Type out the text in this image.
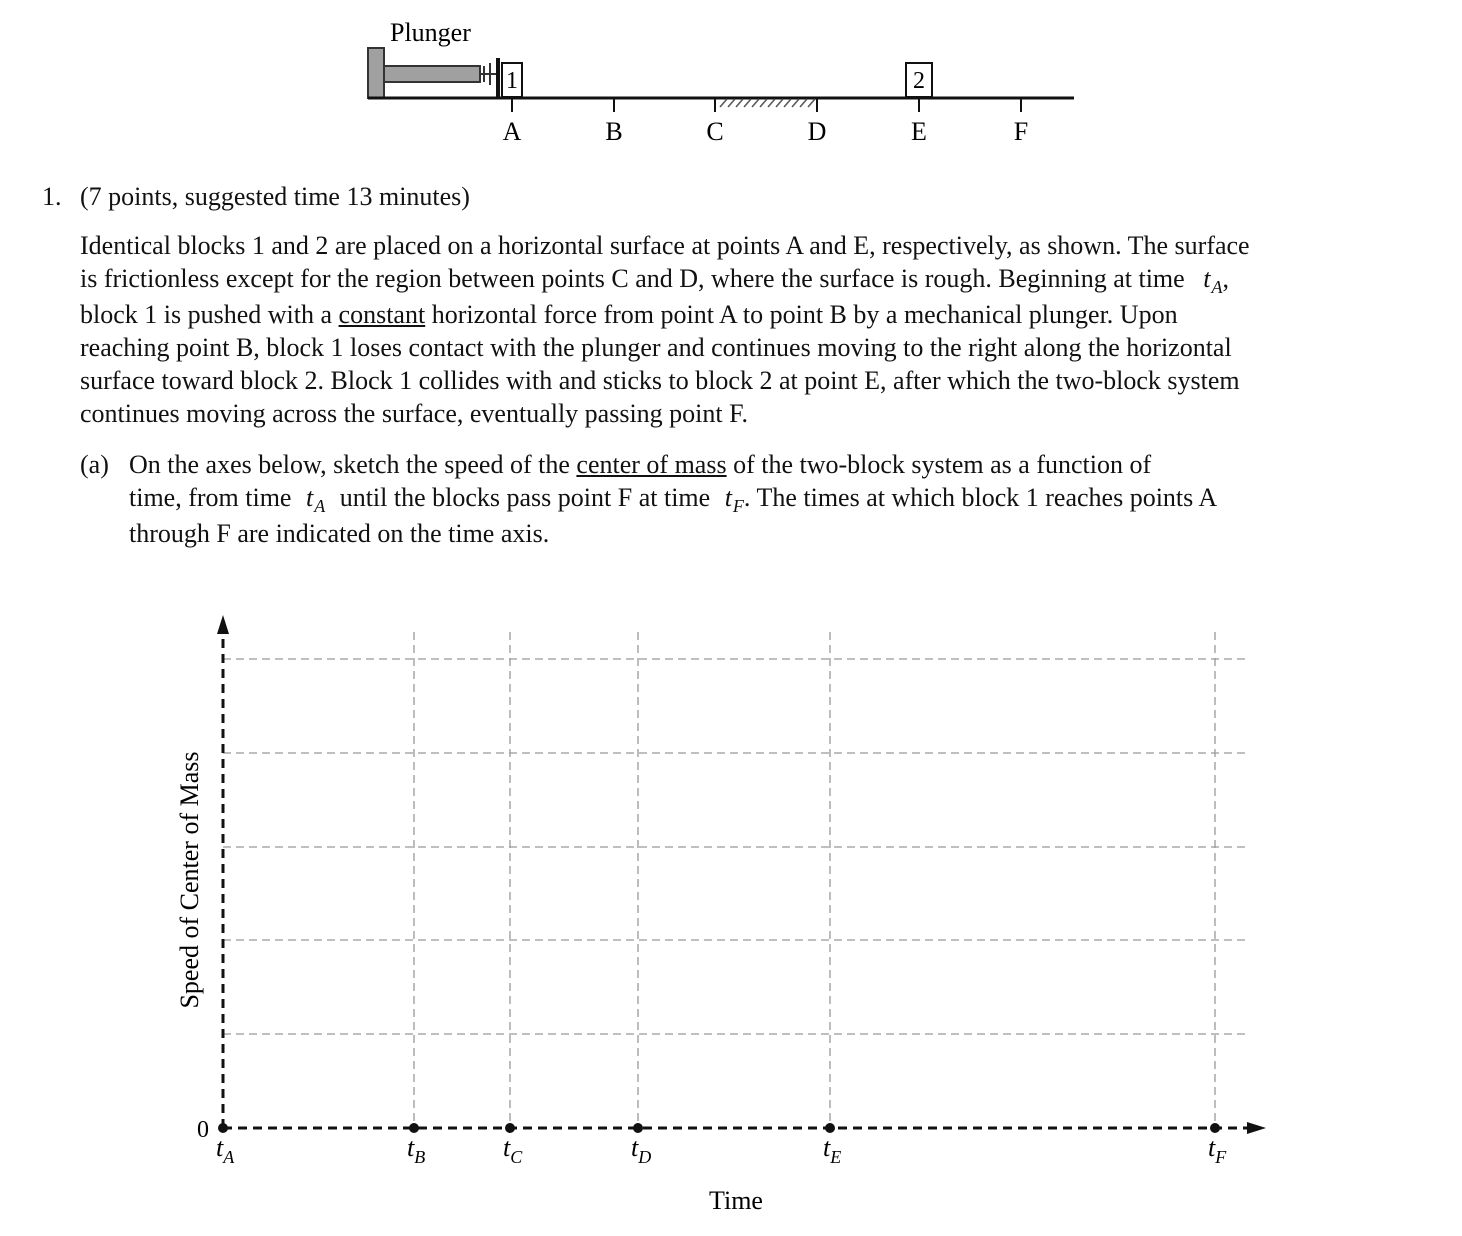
Plunger
1	2
A	B	C	D	E	F
1. (7 points, suggested time 13 minutes)
Identical blocks 1 and 2 are placed on a horizontal surface at points A and E, respectively, as shown. The surface
is frictionless except for the region between points C and D, where the surface is rough. Beginning at time $t_A$,
block 1 is pushed with a constant horizontal force from point A to point B by a mechanical plunger. Upon
reaching point B, block 1 loses contact with the plunger and continues moving to the right along the horizontal
surface toward block 2. Block 1 collides with and sticks to block 2 at point E, after which the two-block system
continues moving across the surface, eventually passing point F.
(a) On the axes below, sketch the speed of the center of mass of the two-block system as a function of
time, from time $t_A$ until the blocks pass point F at time $t_F$. The times at which block 1 reaches points A
through F are indicated on the time axis.
0
Speed of Center of Mass
Time
$t_A$	$t_B$	$t_C$	$t_D$	$t_E$	$t_F$
